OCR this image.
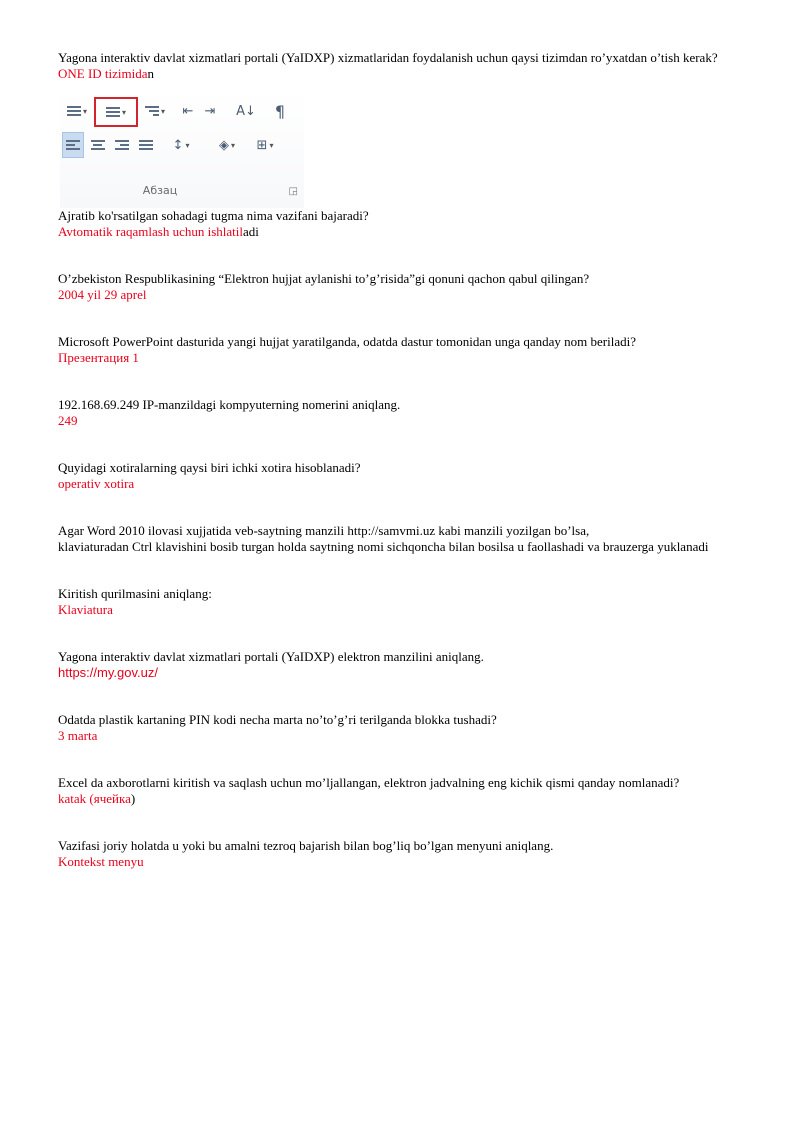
Yagona interaktiv davlat xizmatlari portali (YaIDXP) xizmatlaridan foydalanish uchun qaysi tizimdan ro’yxatdan o’tish kerak?

ONE ID tizimidan

▾	▾	▾	⇤ ⇥	A↓	¶
↕ ▾	◈ ▾	⊞ ▾
Абзац	◲

Ajratib ko'rsatilgan sohadagi tugma nima vazifani bajaradi?

Avtomatik raqamlash uchun ishlatiladi

O’zbekiston Respublikasining “Elektron hujjat aylanishi to’g’risida”gi qonuni qachon qabul qilingan?

2004 yil 29 aprel

Microsoft PowerPoint dasturida yangi hujjat yaratilganda, odatda dastur tomonidan unga qanday nom beriladi?

Презентация 1

192.168.69.249 IP-manzildagi kompyuterning nomerini aniqlang.

249

Quyidagi xotiralarning qaysi biri ichki xotira hisoblanadi?

operativ xotira

Agar Word 2010 ilovasi xujjatida veb-saytning manzili http://samvmi.uz kabi manzili yozilgan bo’lsa,

klaviaturadan Ctrl klavishini bosib turgan holda saytning nomi sichqoncha bilan bosilsa u faollashadi va brauzerga yuklanadi

Kiritish qurilmasini aniqlang:

Klaviatura

Yagona interaktiv davlat xizmatlari portali (YaIDXP) elektron manzilini aniqlang.

https://my.gov.uz/

Odatda plastik kartaning PIN kodi necha marta no’to’g’ri terilganda blokka tushadi?

3 marta

Excel da axborotlarni kiritish va saqlash uchun mo’ljallangan, elektron jadvalning eng kichik qismi qanday nomlanadi?

katak (ячейка)

Vazifasi joriy holatda u yoki bu amalni tezroq bajarish bilan bog’liq bo’lgan menyuni aniqlang.

Kontekst menyu
